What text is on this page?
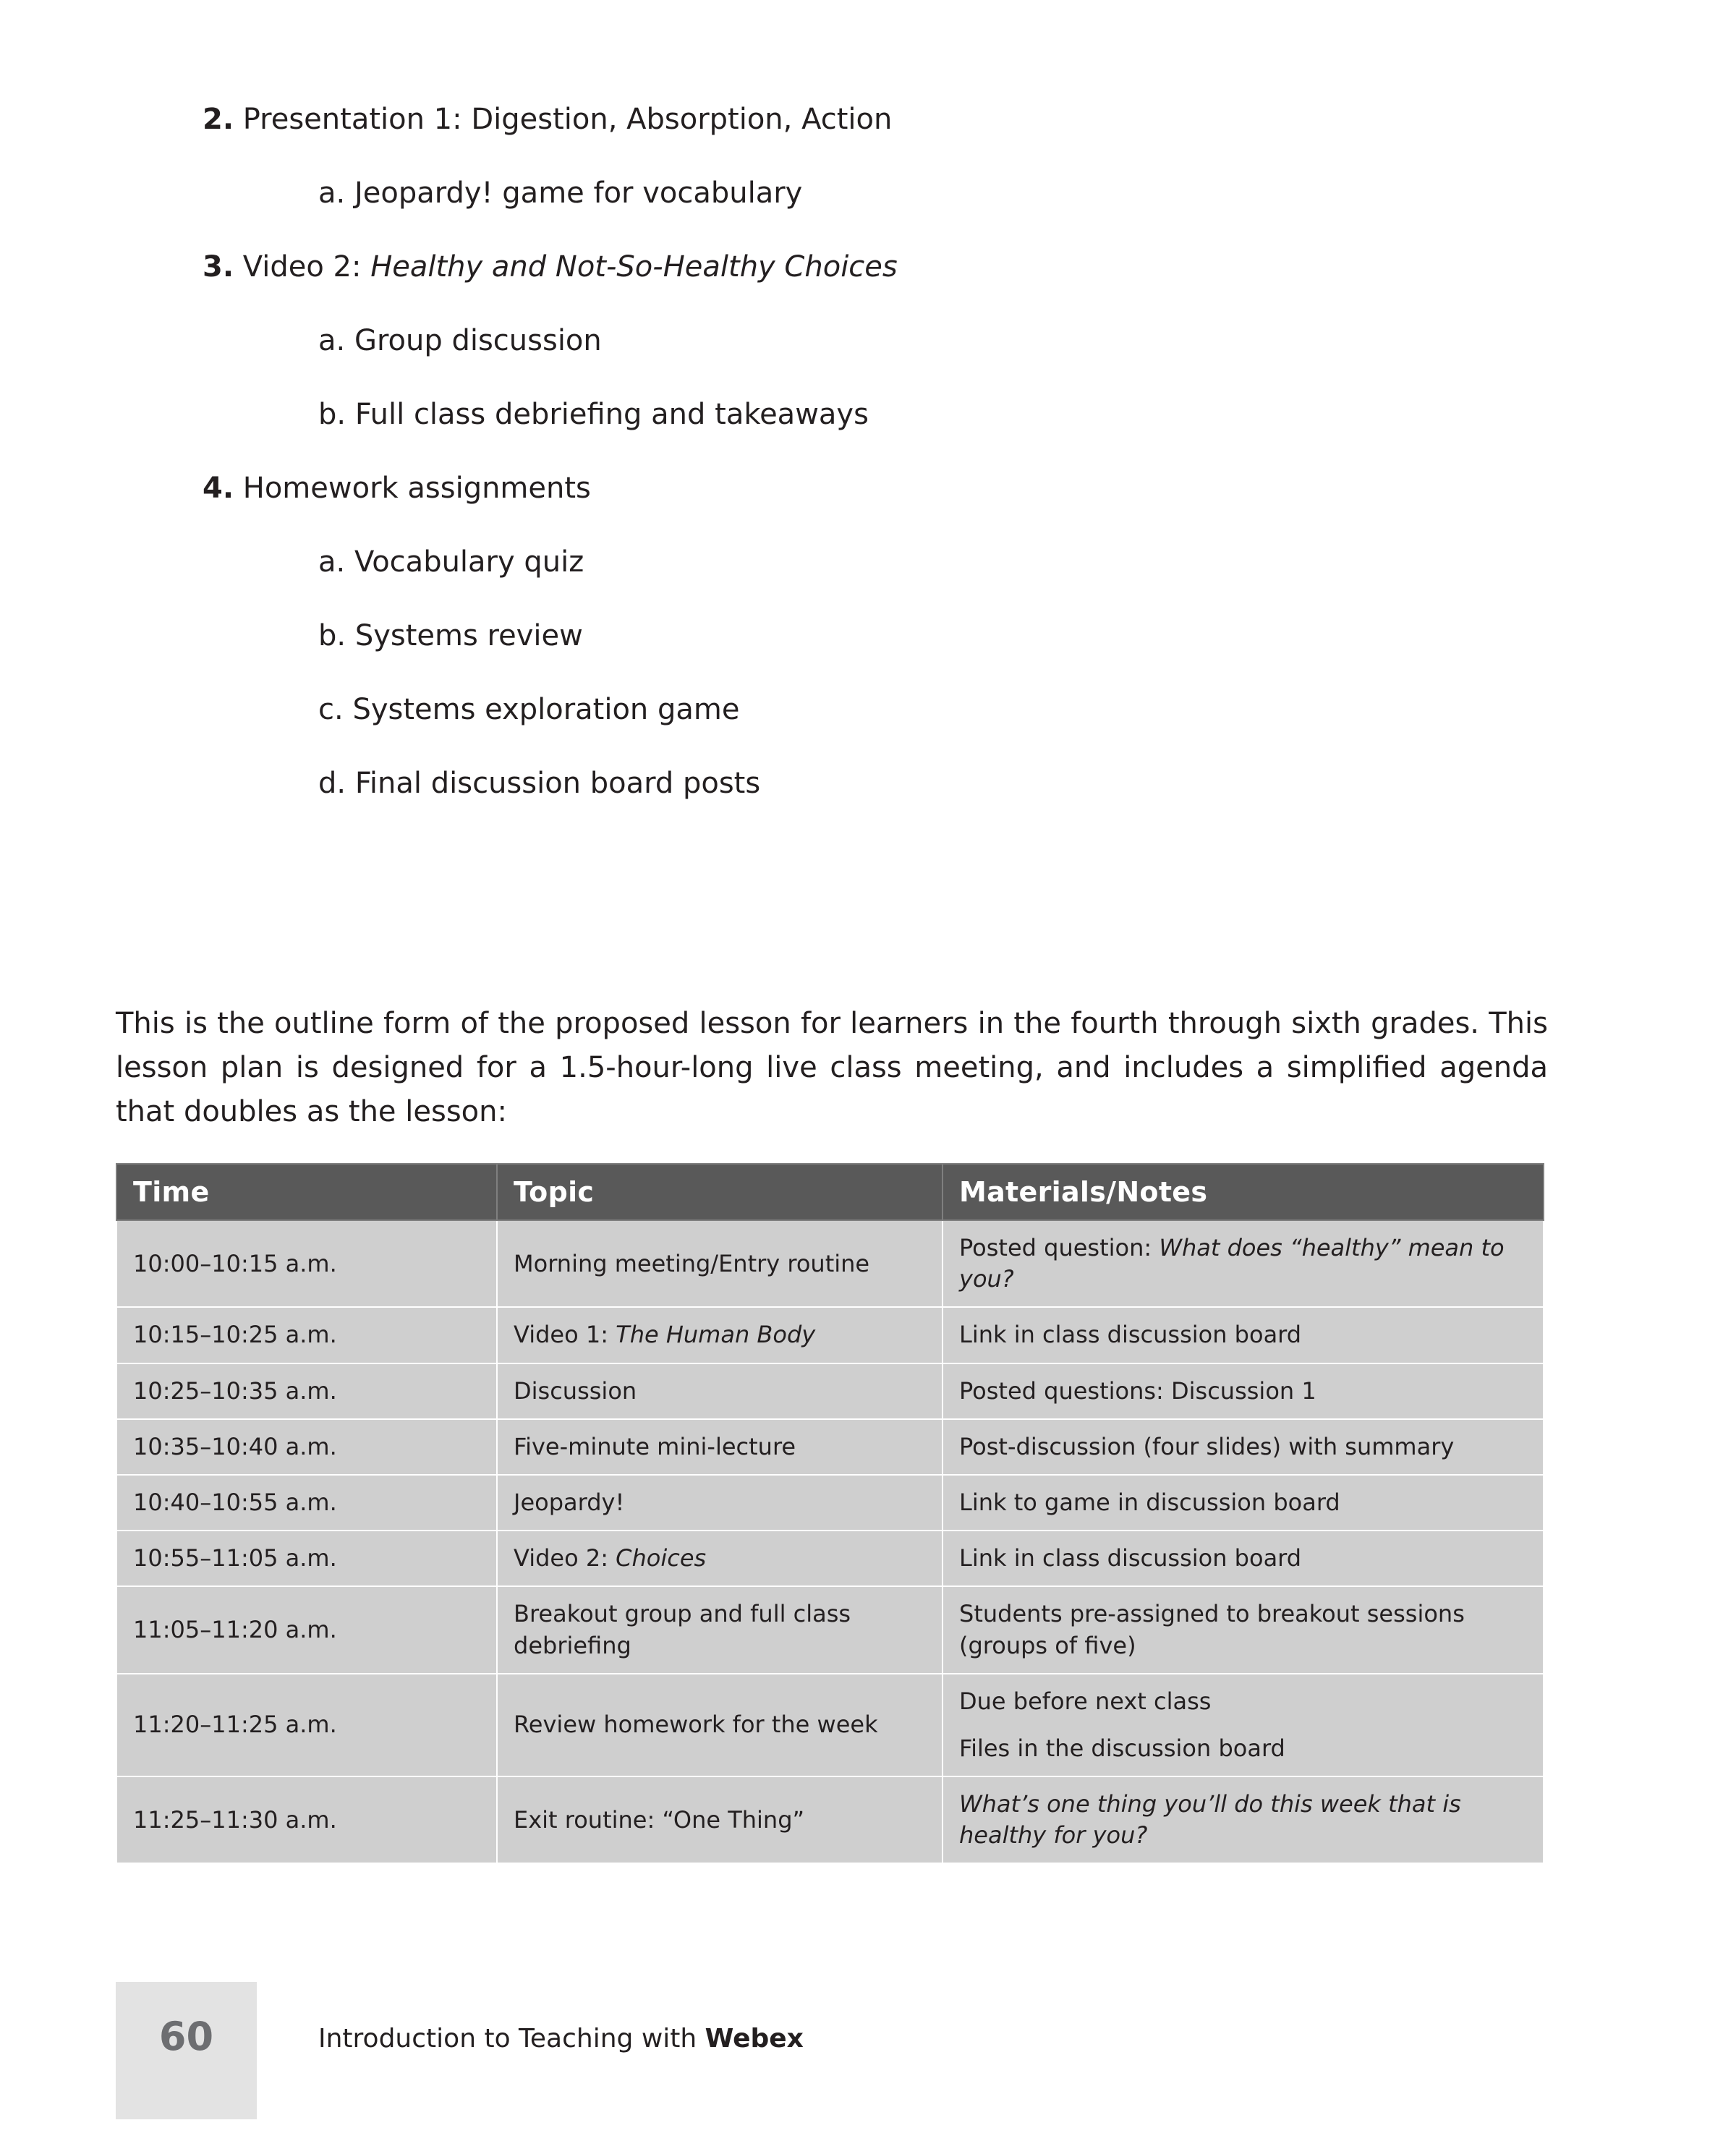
2. Presentation 1: Digestion, Absorption, Action
a. Jeopardy! game for vocabulary
3. Video 2: Healthy and Not-So-Healthy Choices
a. Group discussion
b. Full class debriefing and takeaways
4. Homework assignments
a. Vocabulary quiz
b. Systems review
c. Systems exploration game
d. Final discussion board posts

This is the outline form of the proposed lesson for learners in the fourth through sixth grades. This lesson plan is designed for a 1.5-hour-long live class meeting, and includes a simplified agenda that doubles as the lesson:

Time	Topic	Materials/Notes
10:00–10:15 a.m.	Morning meeting/Entry routine	Posted question: What does “healthy” mean to you?
10:15–10:25 a.m.	Video 1: The Human Body	Link in class discussion board
10:25–10:35 a.m.	Discussion	Posted questions: Discussion 1
10:35–10:40 a.m.	Five-minute mini-lecture	Post-discussion (four slides) with summary
10:40–10:55 a.m.	Jeopardy!	Link to game in discussion board
10:55–11:05 a.m.	Video 2: Choices	Link in class discussion board
11:05–11:20 a.m.	Breakout group and full class debriefing	Students pre-assigned to breakout sessions (groups of five)
11:20–11:25 a.m.	Review homework for the week	Due before next class
Files in the discussion board
11:25–11:30 a.m.	Exit routine: “One Thing”	What’s one thing you’ll do this week that is healthy for you?
60	Introduction to Teaching with Webex
